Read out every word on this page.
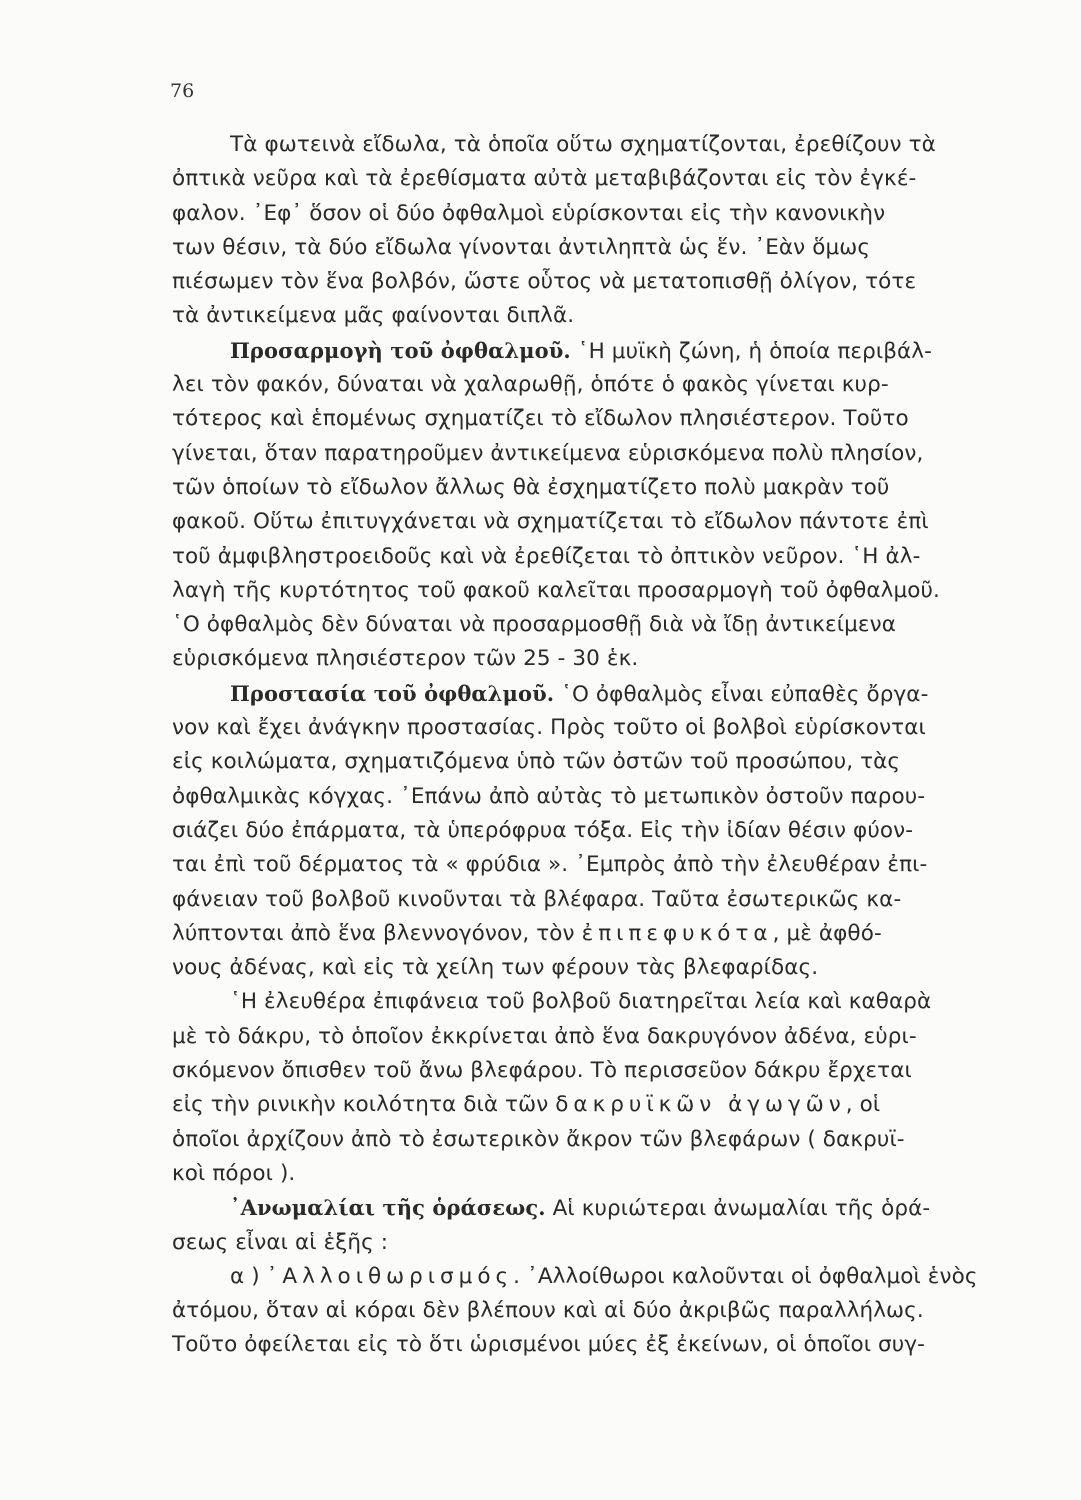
76
Τὰ φωτεινὰ εἴδωλα, τὰ ὁποῖα οὕτω σχηματίζονται, ἐρεθίζουν τὰ
ὀπτικὰ νεῦρα καὶ τὰ ἐρεθίσματα αὐτὰ μεταβιβάζονται εἰς τὸν ἐγκέ-
φαλον. ᾽Εφ᾽ ὅσον οἱ δύο ὀφθαλμοὶ εὑρίσκονται εἰς τὴν κανονικὴν
των θέσιν, τὰ δύο εἴδωλα γίνονται ἀντιληπτὰ ὡς ἕν. ᾽Εὰν ὅμως
πιέσωμεν τὸν ἕνα βολβόν, ὥστε οὗτος νὰ μετατοπισθῇ ὀλίγον, τότε
τὰ ἀντικείμενα μᾶς φαίνονται διπλᾶ.
Προσαρμογὴ τοῦ ὀφθαλμοῦ. ῾Η μυϊκὴ ζώνη, ἡ ὁποία περιβάλ-
λει τὸν φακόν, δύναται νὰ χαλαρωθῇ, ὁπότε ὁ φακὸς γίνεται κυρ-
τότερος καὶ ἑπομένως σχηματίζει τὸ εἴδωλον πλησιέστερον. Τοῦτο
γίνεται, ὅταν παρατηροῦμεν ἀντικείμενα εὑρισκόμενα πολὺ πλησίον,
τῶν ὁποίων τὸ εἴδωλον ἄλλως θὰ ἐσχηματίζετο πολὺ μακρὰν τοῦ
φακοῦ. Οὕτω ἐπιτυγχάνεται νὰ σχηματίζεται τὸ εἴδωλον πάντοτε ἐπὶ
τοῦ ἀμφιβληστροειδοῦς καὶ νὰ ἐρεθίζεται τὸ ὀπτικὸν νεῦρον. ῾Η ἀλ-
λαγὴ τῆς κυρτότητος τοῦ φακοῦ καλεῖται προσαρμογὴ τοῦ ὀφθαλμοῦ.
῾Ο ὀφθαλμὸς δὲν δύναται νὰ προσαρμοσθῇ διὰ νὰ ἴδῃ ἀντικείμενα
εὑρισκόμενα πλησιέστερον τῶν 25 - 30 ἑκ.
Προστασία τοῦ ὀφθαλμοῦ. ῾Ο ὀφθαλμὸς εἶναι εὐπαθὲς ὄργα-
νον καὶ ἔχει ἀνάγκην προστασίας. Πρὸς τοῦτο οἱ βολβοὶ εὑρίσκονται
εἰς κοιλώματα, σχηματιζόμενα ὑπὸ τῶν ὀστῶν τοῦ προσώπου, τὰς
ὀφθαλμικὰς κόγχας. ᾽Επάνω ἀπὸ αὐτὰς τὸ μετωπικὸν ὀστοῦν παρου-
σιάζει δύο ἐπάρματα, τὰ ὑπερόφρυα τόξα. Εἰς τὴν ἰδίαν θέσιν φύον-
ται ἐπὶ τοῦ δέρματος τὰ « φρύδια ». ᾽Εμπρὸς ἀπὸ τὴν ἐλευθέραν ἐπι-
φάνειαν τοῦ βολβοῦ κινοῦνται τὰ βλέφαρα. Ταῦτα ἐσωτερικῶς κα-
λύπτονται ἀπὸ ἕνα βλεννογόνον, τὸν ἐπιπεφυκότα, μὲ ἀφθό-
νους ἀδένας, καὶ εἰς τὰ χείλη των φέρουν τὰς βλεφαρίδας.
῾Η ἐλευθέρα ἐπιφάνεια τοῦ βολβοῦ διατηρεῖται λεία καὶ καθαρὰ
μὲ τὸ δάκρυ, τὸ ὁποῖον ἐκκρίνεται ἀπὸ ἕνα δακρυγόνον ἀδένα, εὑρι-
σκόμενον ὄπισθεν τοῦ ἄνω βλεφάρου. Τὸ περισσεῦον δάκρυ ἔρχεται
εἰς τὴν ρινικὴν κοιλότητα διὰ τῶν δακρυϊκῶν ἀγωγῶν, οἱ
ὁποῖοι ἀρχίζουν ἀπὸ τὸ ἐσωτερικὸν ἄκρον τῶν βλεφάρων ( δακρυϊ-
κοὶ πόροι ).
᾽Ανωμαλίαι τῆς ὁράσεως. Αἱ κυριώτεραι ἀνωμαλίαι τῆς ὁρά-
σεως εἶναι αἱ ἑξῆς :
α ) ᾽Αλλοιθωρισμός. ᾽Αλλοίθωροι καλοῦνται οἱ ὀφθαλμοὶ ἑνὸς
ἀτόμου, ὅταν αἱ κόραι δὲν βλέπουν καὶ αἱ δύο ἀκριβῶς παραλλήλως.
Τοῦτο ὀφείλεται εἰς τὸ ὅτι ὡρισμένοι μύες ἐξ ἐκείνων, οἱ ὁποῖοι συγ-
